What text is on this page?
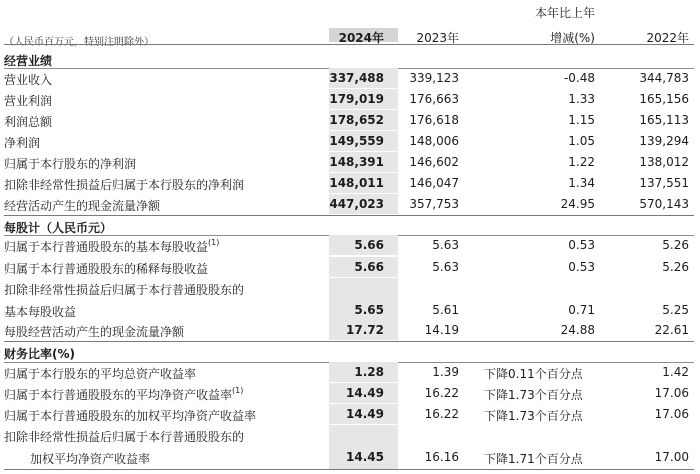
（人民币百万元，特别注明除外）	2024年	2023年
本年比上年
增减(%)	2022年
经营业绩
营业收入	337,488 339,123	-0.48	344,783
营业利润	179,019 176,663	1.33	165,156
利润总额	178,652 176,618	1.15	165,113
净利润	149,559 148,006	1.05	139,294
归属于本行股东的净利润	148,391 146,602	1.22	138,012
扣除非经常性损益后归属于本行股东的净利润	148,011 146,047	1.34	137,551
经营活动产生的现金流量净额	447,023 357,753	24.95	570,143
每股计（人民币元）
归属于本行普通股股东的基本每股收益$^{(1)}$	5.66	5.63	0.53	5.26
归属于本行普通股股东的稀释每股收益	5.66	5.63	0.53	5.26
扣除非经常性损益后归属于本行普通股股东的
基本每股收益	5.65	5.61	0.71	5.25
每股经营活动产生的现金流量净额	17.72	14.19	24.88	22.61
财务比率(%)
归属于本行股东的平均总资产收益率	1.28	1.39 下降0.11个百分点	1.42
归属于本行普通股股东的平均净资产收益率$^{(1)}$	14.49	16.22 下降1.73个百分点	17.06
归属于本行普通股股东的加权平均净资产收益率	14.49	16.22 下降1.73个百分点	17.06
扣除非经常性损益后归属于本行普通股股东的
加权平均净资产收益率	14.45	16.16 下降1.71个百分点	17.00
